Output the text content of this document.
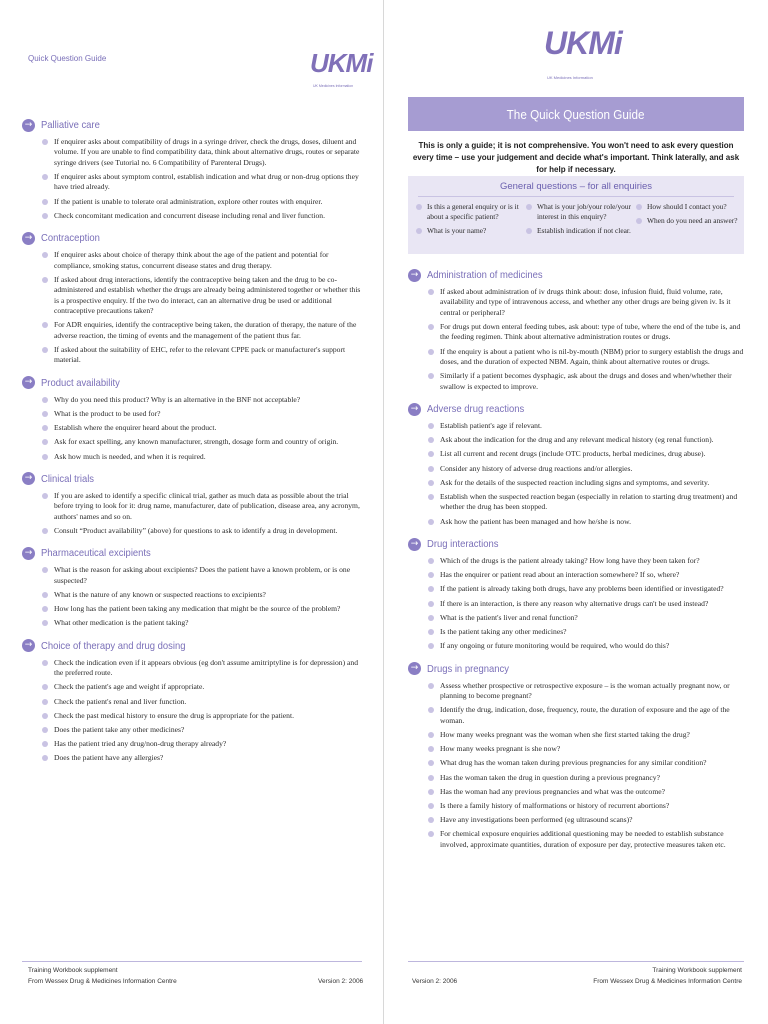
Quick Question Guide	UKMi
UK Medicines Information
→ Palliative care
If enquirer asks about compatibility of drugs in a syringe driver, check the drugs, doses, diluent and volume. If you are unable to find compatibility data, think about alternative drugs, routes or separate syringe drivers (see Tutorial no. 6 Compatibility of Parenteral Drugs).
If enquirer asks about symptom control, establish indication and what drug or non-drug options they have tried already.
If the patient is unable to tolerate oral administration, explore other routes with enquirer.
Check concomitant medication and concurrent disease including renal and liver function.
→ Contraception
If enquirer asks about choice of therapy think about the age of the patient and potential for compliance, smoking status, concurrent disease states and drug therapy.
If asked about drug interactions, identify the contraceptive being taken and the drug to be co-administered and establish whether the drugs are already being administered together or whether this is a prospective enquiry. If the two do interact, can an alternative drug be used or additional contraceptive precautions taken?
For ADR enquiries, identify the contraceptive being taken, the duration of therapy, the nature of the adverse reaction, the timing of events and the management of the patient thus far.
If asked about the suitability of EHC, refer to the relevant CPPE pack or manufacturer's support material.
→ Product availability
Why do you need this product? Why is an alternative in the BNF not acceptable?
What is the product to be used for?
Establish where the enquirer heard about the product.
Ask for exact spelling, any known manufacturer, strength, dosage form and country of origin.
Ask how much is needed, and when it is required.
→ Clinical trials
If you are asked to identify a specific clinical trial, gather as much data as possible about the trial before trying to look for it: drug name, manufacturer, date of publication, disease area, any acronym, authors' names and so on.
Consult “Product availability” (above) for questions to ask to identify a drug in development.
→ Pharmaceutical excipients
What is the reason for asking about excipients? Does the patient have a known problem, or is one suspected?
What is the nature of any known or suspected reactions to excipients?
How long has the patient been taking any medication that might be the source of the problem?
What other medication is the patient taking?
→ Choice of therapy and drug dosing
Check the indication even if it appears obvious (eg don't assume amitriptyline is for depression) and the preferred route.
Check the patient's age and weight if appropriate.
Check the patient's renal and liver function.
Check the past medical history to ensure the drug is appropriate for the patient.
Does the patient take any other medicines?
Has the patient tried any drug/non-drug therapy already?
Does the patient have any allergies?
Training Workbook supplement
From Wessex Drug & Medicines Information Centre	Version 2: 2006
UKMi
UK Medicines Information
The Quick Question Guide
This is only a guide; it is not comprehensive. You won't need to ask every question every time – use your judgement and decide what's important. Think laterally, and ask for help if necessary.
General questions – for all enquiries
Is this a general enquiry or is it about a specific patient?
What is your name?
What is your job/your role/your interest in this enquiry?
Establish indication if not clear.
How should I contact you?
When do you need an answer?
→ Administration of medicines
If asked about administration of iv drugs think about: dose, infusion fluid, fluid volume, rate, availability and type of intravenous access, and whether any other drugs are being given iv. Is it central or peripheral?
For drugs put down enteral feeding tubes, ask about: type of tube, where the end of the tube is, and the feeding regimen. Think about alternative administration routes or drugs.
If the enquiry is about a patient who is nil-by-mouth (NBM) prior to surgery establish the drugs and doses, and the duration of expected NBM. Again, think about alternative routes or drugs.
Similarly if a patient becomes dysphagic, ask about the drugs and doses and when/whether their swallow is expected to improve.
→ Adverse drug reactions
Establish patient's age if relevant.
Ask about the indication for the drug and any relevant medical history (eg renal function).
List all current and recent drugs (include OTC products, herbal medicines, drug abuse).
Consider any history of adverse drug reactions and/or allergies.
Ask for the details of the suspected reaction including signs and symptoms, and severity.
Establish when the suspected reaction began (especially in relation to starting drug treatment) and whether the drug has been stopped.
Ask how the patient has been managed and how he/she is now.
→ Drug interactions
Which of the drugs is the patient already taking? How long have they been taken for?
Has the enquirer or patient read about an interaction somewhere? If so, where?
If the patient is already taking both drugs, have any problems been identified or investigated?
If there is an interaction, is there any reason why alternative drugs can't be used instead?
What is the patient's liver and renal function?
Is the patient taking any other medicines?
If any ongoing or future monitoring would be required, who would do this?
→ Drugs in pregnancy
Assess whether prospective or retrospective exposure – is the woman actually pregnant now, or planning to become pregnant?
Identify the drug, indication, dose, frequency, route, the duration of exposure and the age of the woman.
How many weeks pregnant was the woman when she first started taking the drug?
How many weeks pregnant is she now?
What drug has the woman taken during previous pregnancies for any similar condition?
Has the woman taken the drug in question during a previous pregnancy?
Has the woman had any previous pregnancies and what was the outcome?
Is there a family history of malformations or history of recurrent abortions?
Have any investigations been performed (eg ultrasound scans)?
For chemical exposure enquiries additional questioning may be needed to establish substance involved, approximate quantities, duration of exposure per day, protective measures taken etc.
Version 2: 2006
Training Workbook supplement
From Wessex Drug & Medicines Information Centre
